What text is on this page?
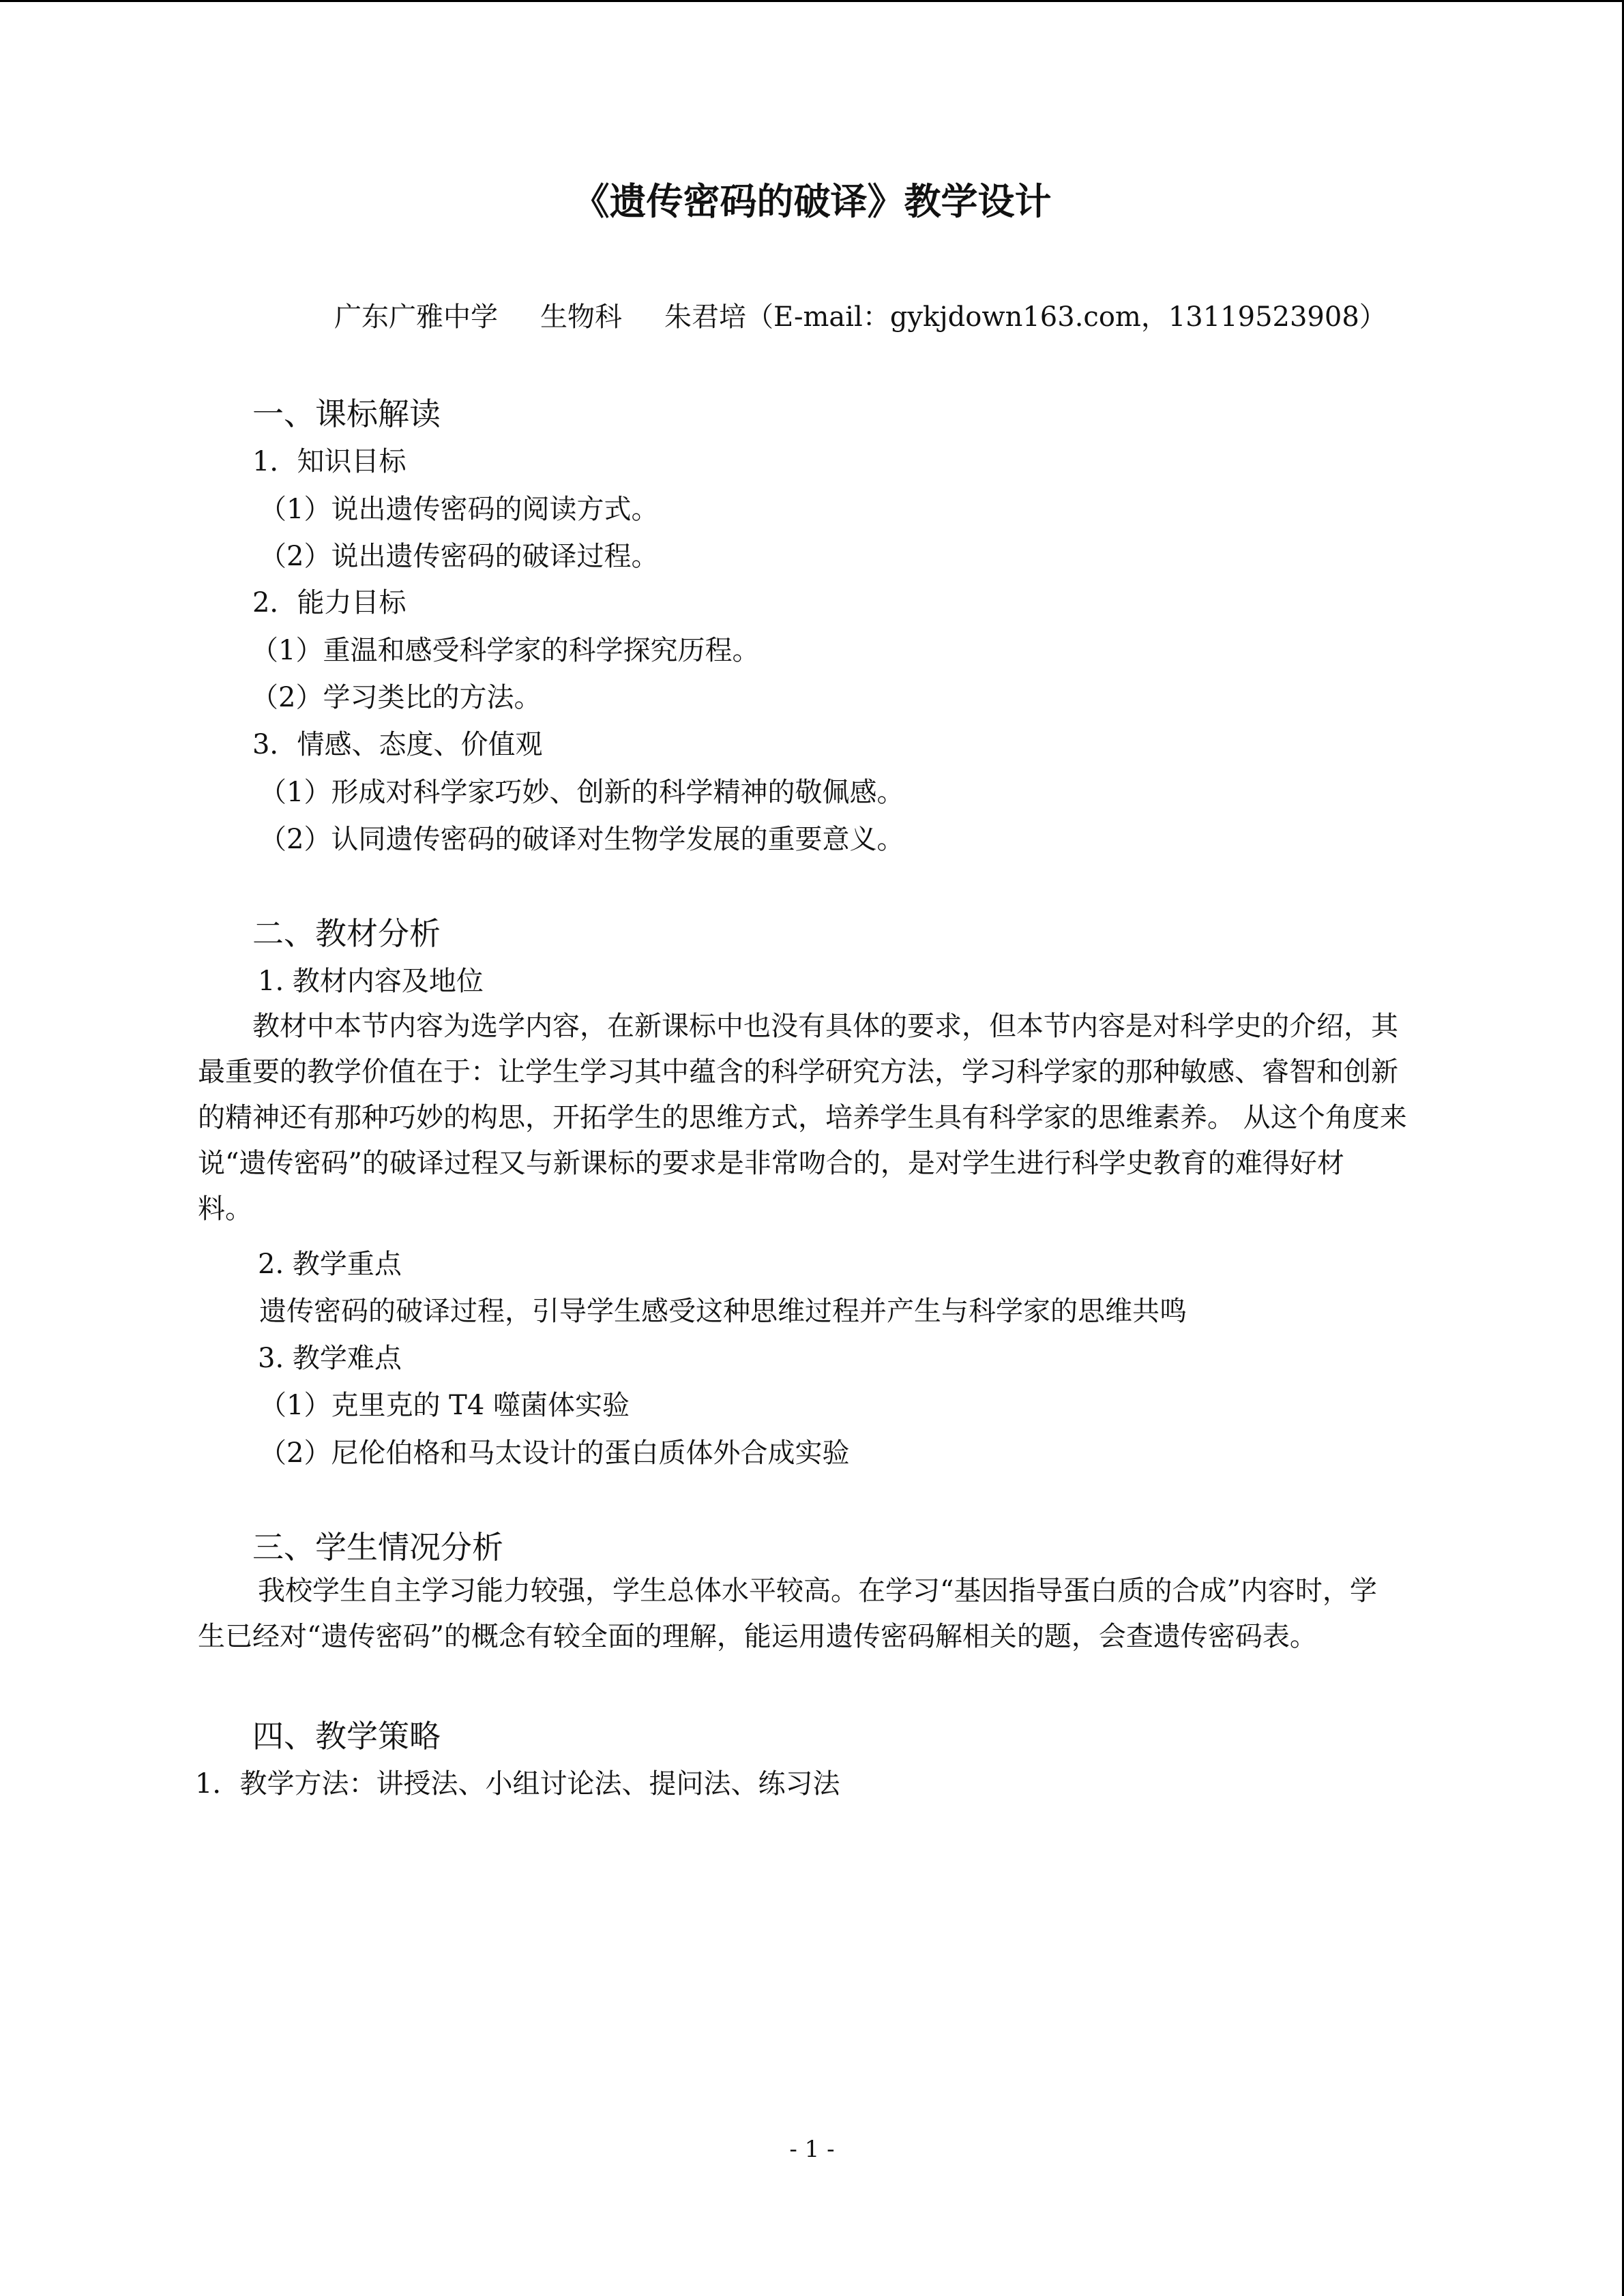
《遗传密码的破译》教学设计
广东广雅中学 生物科 朱君培（E-mail：gykjdown163.com，13119523908）
一、课标解读
1．知识目标
（1）说出遗传密码的阅读方式。
（2）说出遗传密码的破译过程。
2．能力目标
（1）重温和感受科学家的科学探究历程。
（2）学习类比的方法。
3．情感、态度、价值观
（1）形成对科学家巧妙、创新的科学精神的敬佩感。
（2）认同遗传密码的破译对生物学发展的重要意义。
二、教材分析
1. 教材内容及地位
教材中本节内容为选学内容，在新课标中也没有具体的要求，但本节内容是对科学史的介绍，其
最重要的教学价值在于：让学生学习其中蕴含的科学研究方法，学习科学家的那种敏感、睿智和创新
的精神还有那种巧妙的构思，开拓学生的思维方式，培养学生具有科学家的思维素养。 从这个角度来
说“遗传密码”的破译过程又与新课标的要求是非常吻合的，是对学生进行科学史教育的难得好材
料。
2. 教学重点
遗传密码的破译过程，引导学生感受这种思维过程并产生与科学家的思维共鸣
3. 教学难点
（1）克里克的 T4 噬菌体实验
（2）尼伦伯格和马太设计的蛋白质体外合成实验
三、学生情况分析
我校学生自主学习能力较强，学生总体水平较高。在学习“基因指导蛋白质的合成”内容时，学
生已经对“遗传密码”的概念有较全面的理解，能运用遗传密码解相关的题，会查遗传密码表。
四、教学策略
1．教学方法：讲授法、小组讨论法、提问法、练习法
- 1 -
